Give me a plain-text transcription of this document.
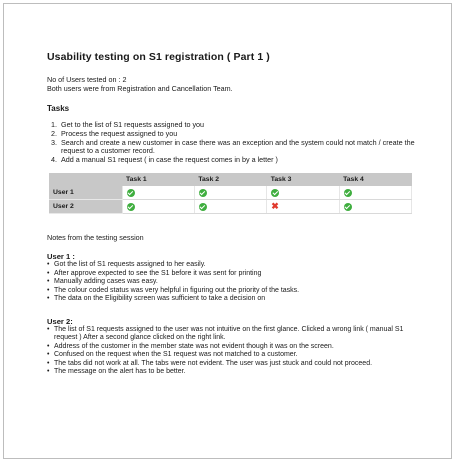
Usability testing on S1 registration ( Part 1 )

No of Users tested on : 2

Both users were from Registration and Cancellation Team.

Tasks
1. Get to the list of S1 requests assigned to you
2. Process the request assigned to you
3. Search and create a new customer in case there was an exception and the system could not match / create the request to a customer record.
4. Add a manual S1 request ( in case the request comes in by a letter )
	Task 1	Task 2	Task 3	Task 4
User 1				
User 2			✖	

Notes from the testing session

User 1 :

• Got the list of S1 requests assigned to her easily.
• After approve expected to see the S1 before it was sent for printing
• Manually adding cases was easy.
• The colour coded status was very helpful in figuring out the priority of the tasks.
• The data on the Eligibility screen was sufficient to take a decision on

User 2:

• The list of S1 requests assigned to the user was not intuitive on the first glance. Clicked a wrong link ( manual S1 request ) After a second glance clicked on the right link.
• Address of the customer in the member state was not evident though it was on the screen.
• Confused on the request when the S1 request was not matched to a customer.
• The tabs did not work at all. The tabs were not evident. The user was just stuck and could not proceed.
• The message on the alert has to be better.
